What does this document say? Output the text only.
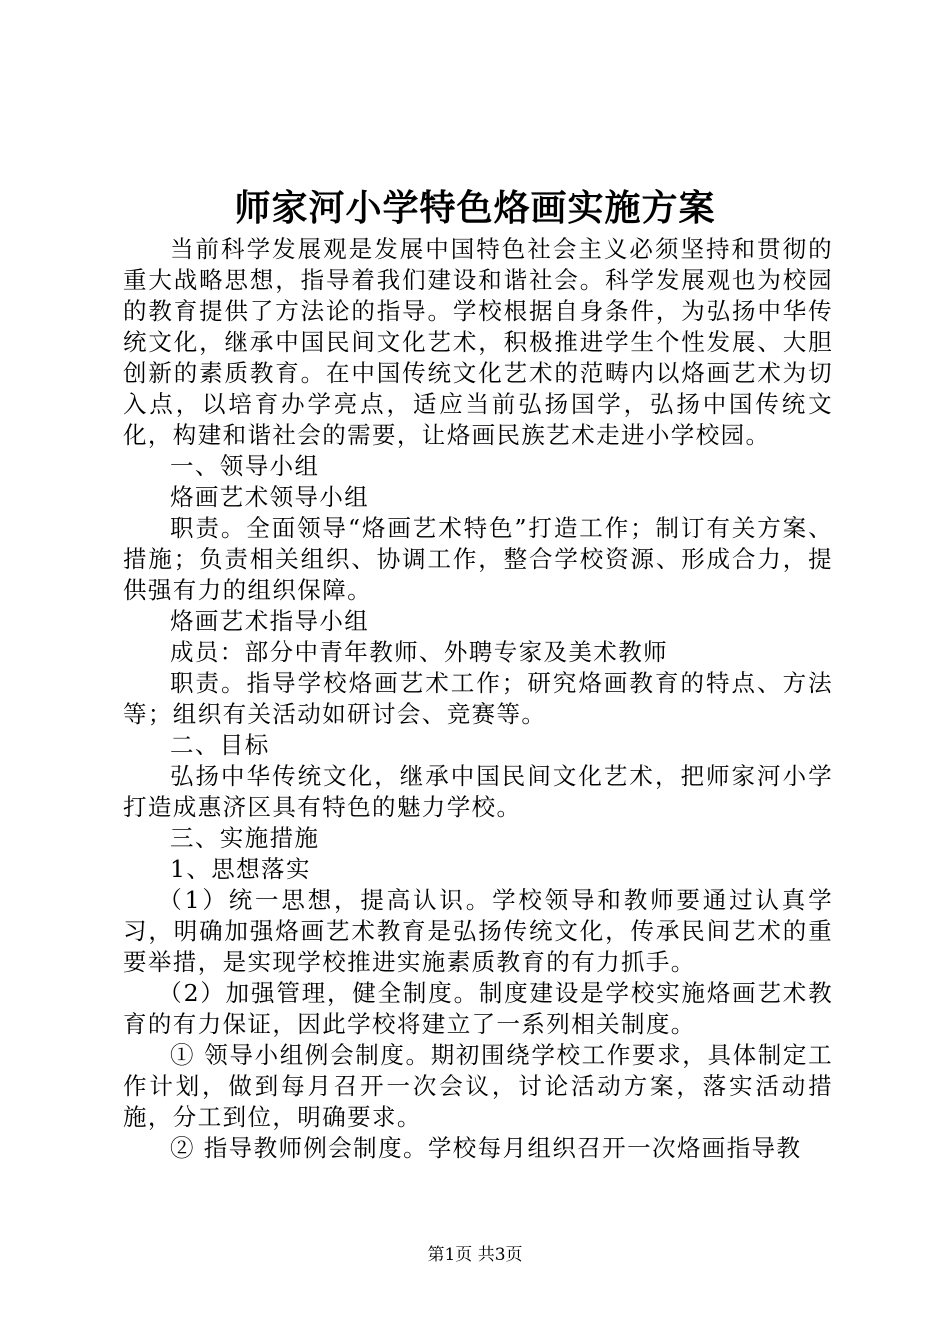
师家河小学特色烙画实施方案

当前科学发展观是发展中国特色社会主义必须坚持和贯彻的重大战略思想，指导着我们建设和谐社会。科学发展观也为校园的教育提供了方法论的指导。学校根据自身条件，为弘扬中华传统文化，继承中国民间文化艺术，积极推进学生个性发展、大胆创新的素质教育。在中国传统文化艺术的范畴内以烙画艺术为切入点，以培育办学亮点，适应当前弘扬国学，弘扬中国传统文化，构建和谐社会的需要，让烙画民族艺术走进小学校园。

一、领导小组

烙画艺术领导小组

职责。全面领导“烙画艺术特色”打造工作；制订有关方案、措施；负责相关组织、协调工作，整合学校资源、形成合力，提供强有力的组织保障。

烙画艺术指导小组

成员：部分中青年教师、外聘专家及美术教师

职责。指导学校烙画艺术工作；研究烙画教育的特点、方法等；组织有关活动如研讨会、竞赛等。

二、目标

弘扬中华传统文化，继承中国民间文化艺术，把师家河小学打造成惠济区具有特色的魅力学校。

三、实施措施

1、思想落实

（1）统一思想，提高认识。学校领导和教师要通过认真学习，明确加强烙画艺术教育是弘扬传统文化，传承民间艺术的重要举措，是实现学校推进实施素质教育的有力抓手。

（2）加强管理，健全制度。制度建设是学校实施烙画艺术教育的有力保证，因此学校将建立了一系列相关制度。

① 领导小组例会制度。期初围绕学校工作要求，具体制定工作计划，做到每月召开一次会议，讨论活动方案，落实活动措施，分工到位，明确要求。

② 指导教师例会制度。学校每月组织召开一次烙画指导教

第1页 共3页
